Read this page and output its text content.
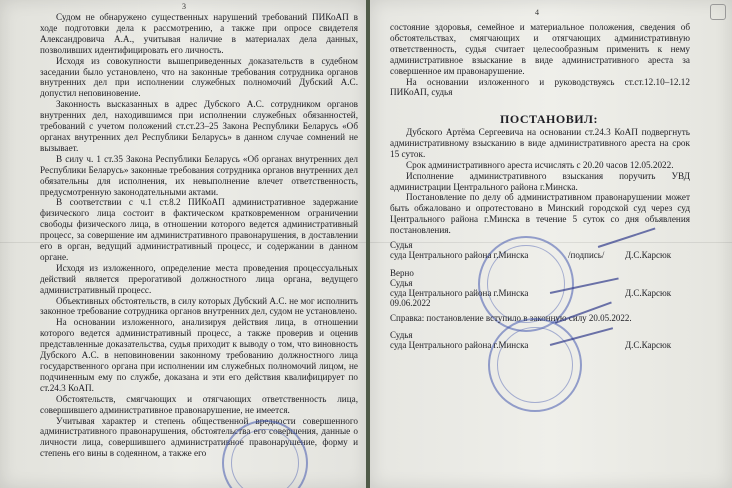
3

Судом не обнаружено существенных нарушений требований ПИКоАП в ходе подготовки дела к рассмотрению, а также при опросе свидетеля Александровича А.А., учитывая наличие в материалах дела данных, позволивших идентифицировать его личность.

Исходя из совокупности вышеприведенных доказательств в судебном заседании было установлено, что на законные требования сотрудника органов внутренних дел при исполнении служебных полномочий Дубский А.С. допустил неповиновение.

Законность высказанных в адрес Дубского А.С. сотрудником органов внутренних дел, находившимся при исполнении служебных обязанностей, требований с учетом положений ст.ст.23–25 Закона Республики Беларусь «Об органах внутренних дел Республики Беларусь» в данном случае сомнений не вызывает.

В силу ч. 1 ст.35 Закона Республики Беларусь «Об органах внутренних дел Республики Беларусь» законные требования сотрудника органов внутренних дел обязательны для исполнения, их невыполнение влечет ответственность, предусмотренную законодательными актами.

В соответствии с ч.1 ст.8.2 ПИКоАП административное задержание физического лица состоит в фактическом кратковременном ограничении свободы физического лица, в отношении которого ведется административный процесс, за совершение им административного правонарушения, в доставлении его в орган, ведущий административный процесс, и содержании в данном органе.

Исходя из изложенного, определение места проведения процессуальных действий является прерогативой должностного лица органа, ведущего административный процесс.

Объективных обстоятельств, в силу которых Дубский А.С. не мог исполнить законное требование сотрудника органов внутренних дел, судом не установлено.

На основании изложенного, анализируя действия лица, в отношении которого ведется административный процесс, а также проверив и оценив представленные доказательства, судья приходит к выводу о том, что виновность Дубского А.С. в неповиновении законному требованию должностного лица государственного органа при исполнении им служебных полномочий лицом, не подчиненным ему по службе, доказана и эти его действия квалифицирует по ст.24.3 КоАП.

Обстоятельств, смягчающих и отягчающих ответственность лица, совершившего административное правонарушение, не имеется.

Учитывая характер и степень общественной вредности совершенного административного правонарушения, обстоятельства его совершения, данные о личности лица, совершившего административное правонарушение, форму и степень его вины в содеянном, а также его

4

состояние здоровья, семейное и материальное положения, сведения об обстоятельствах, смягчающих и отягчающих административную ответственность, судья считает целесообразным применить к нему административное взыскание в виде административного ареста за совершенное им правонарушение.

На основании изложенного и руководствуясь ст.ст.12.10–12.12 ПИКоАП, судья

ПОСТАНОВИЛ:

Дубского Артёма Сергеевича на основании ст.24.3 КоАП подвергнуть административному взысканию в виде административного ареста на срок 15 суток.

Срок административного ареста исчислять с 20.20 часов 12.05.2022.

Исполнение административного взыскания поручить УВД администрации Центрального района г.Минска.

Постановление по делу об административном правонарушении может быть обжаловано и опротестовано в Минский городской суд через суд Центрального района г.Минска в течение 5 суток со дня объявления постановления.

Судья
суда Центрального района г.Минска	/подпись/ Д.С.Карсюк
Верно
Судья
суда Центрального района г.Минска
09.06.2022
Д.С.Карсюк
Справка: постановление вступило в законную силу 20.05.2022.
Судья
суда Центрального района г.Минска	Д.С.Карсюк
